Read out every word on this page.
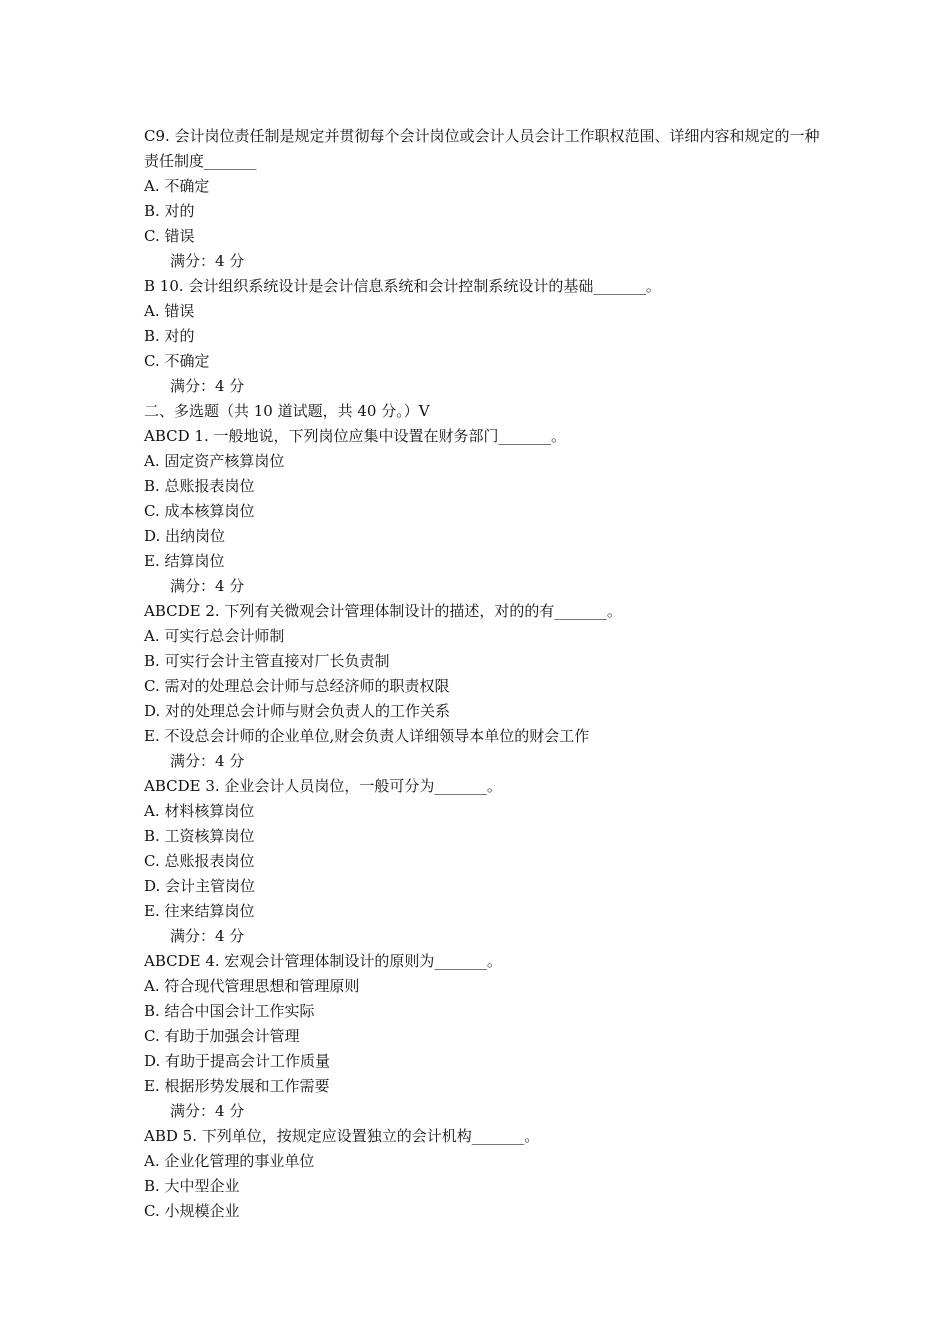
C9. 会计岗位责任制是规定并贯彻每个会计岗位或会计人员会计工作职权范围、详细内容和规定的一种责任制度_______
A. 不确定
B. 对的
C. 错误
满分：4 分
B 10. 会计组织系统设计是会计信息系统和会计控制系统设计的基础_______。
A. 错误
B. 对的
C. 不确定
满分：4 分
二、多选题（共 10 道试题，共 40 分。）V
ABCD 1. 一般地说，下列岗位应集中设置在财务部门_______。
A. 固定资产核算岗位
B. 总账报表岗位
C. 成本核算岗位
D. 出纳岗位
E. 结算岗位
满分：4 分
ABCDE 2. 下列有关微观会计管理体制设计的描述，对的的有_______。
A. 可实行总会计师制
B. 可实行会计主管直接对厂长负责制
C. 需对的处理总会计师与总经济师的职责权限
D. 对的处理总会计师与财会负责人的工作关系
E. 不设总会计师的企业单位,财会负责人详细领导本单位的财会工作
满分：4 分
ABCDE 3. 企业会计人员岗位，一般可分为_______。
A. 材料核算岗位
B. 工资核算岗位
C. 总账报表岗位
D. 会计主管岗位
E. 往来结算岗位
满分：4 分
ABCDE 4. 宏观会计管理体制设计的原则为_______。
A. 符合现代管理思想和管理原则
B. 结合中国会计工作实际
C. 有助于加强会计管理
D. 有助于提高会计工作质量
E. 根据形势发展和工作需要
满分：4 分
ABD 5. 下列单位，按规定应设置独立的会计机构_______。
A. 企业化管理的事业单位
B. 大中型企业
C. 小规模企业
